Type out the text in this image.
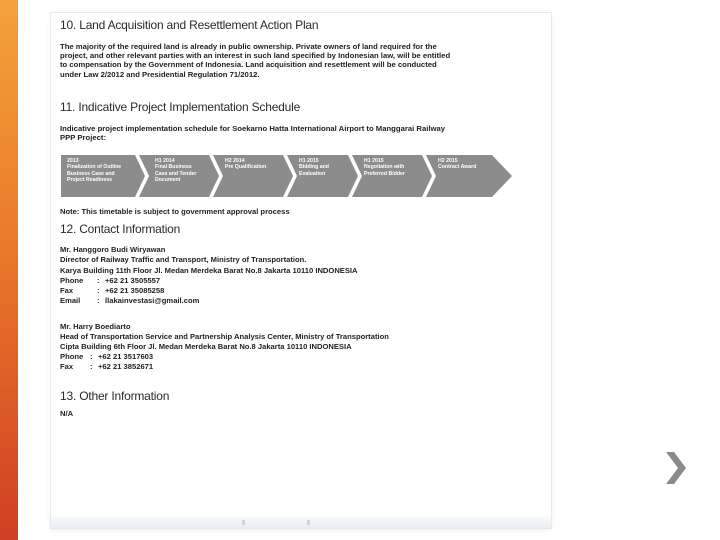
10. Land Acquisition and Resettlement Action Plan
The majority of the required land is already in public ownership. Private owners of land required for the
project, and other relevant parties with an interest in such land specified by Indonesian law, will be entitled
to compensation by the Government of Indonesia. Land acquisition and resettlement will be conducted
under Law 2/2012 and Presidential Regulation 71/2012.
11. Indicative Project Implementation Schedule
Indicative project implementation schedule for Soekarno Hatta International Airport to Manggarai Railway
PPP Project:
2013
Finalization of Outline
Business Case and
Project Readiness
H1 2014
Final Business
Case and Tender
Document
H2 2014
Pre Qualification
H1 2015
Bidding and
Evaluation
H1 2015
Negotiation with
Preferred Bidder
H2 2015
Contract Award
Note: This timetable is subject to government approval process
12. Contact Information
Mr. Hanggoro Budi Wiryawan
Director of Railway Traffic and Transport, Ministry of Transportation.
Karya Building 11th Floor Jl. Medan Merdeka Barat No.8 Jakarta 10110 INDONESIA
Phone : +62 21 3505557
Fax	: +62 21 35085258
Email : llakainvestasi@gmail.com
Mr. Harry Boediarto
Head of Transportation Service and Partnership Analysis Center, Ministry of Transportation
Cipta Building 6th Floor Jl. Medan Merdeka Barat No.8 Jakarta 10110 INDONESIA
Phone : +62 21 3517603
Fax : +62 21 3852671
13. Other Information
N/A
